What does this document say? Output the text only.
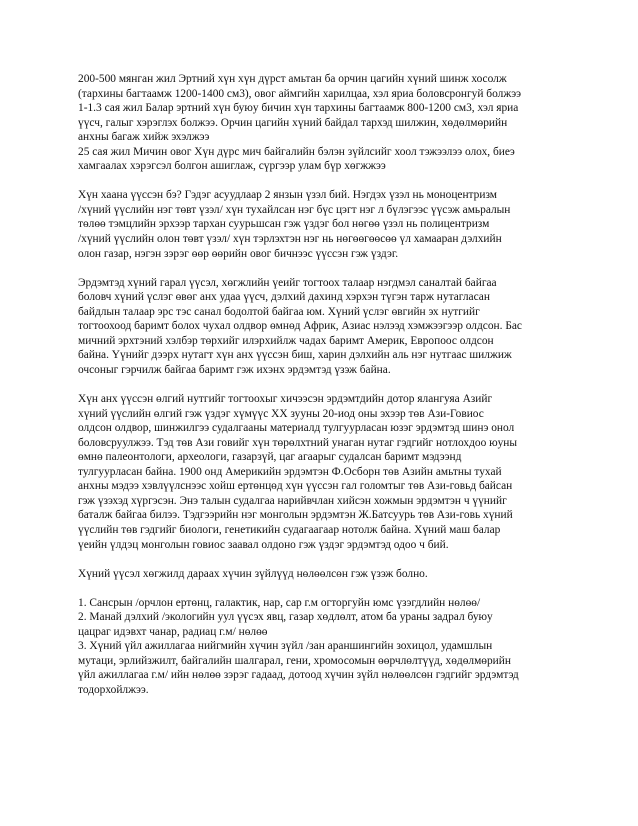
200-500 мянган жил Эртний хүн хүн дүрст амьтан ба орчин цагийн хүний шинж хосолж
(тархины багтаамж 1200-1400 см3), овог аймгийн харилцаа, хэл яриа боловсронгуй болжээ
1-1.3 сая жил Балар эртний хүн буюу бичин хүн тархины багтаамж 800-1200 см3, хэл яриа
үүсч, галыг хэрэглэх болжээ. Орчин цагийн хүний байдал тархэд шилжин, хөдөлмөрийн
анхны багаж хийж эхэлжээ

25 сая жил Мичин овог Хүн дүрс мич байгалийн бэлэн зүйлсийг хоол тэжээлээ олох, биеэ
хамгаалах хэрэгсэл болгон ашиглаж, сүргээр улам бүр хөгжжээ

Хүн хаана үүссэн бэ? Гэдэг асуудлаар 2 янзын үзэл бий. Нэгдэх үзэл нь моноцентризм
/хүний үүслийн нэг төвт үзэл/ хүн тухайлсан нэг бүс цэгт нэг л бүлэгээс үүсэж амьралын
төлөө тэмцлийн эрхээр тархан суурьшсан гэж үздэг бол нөгөө үзэл нь полицентризм
/хүний үүслийн олон төвт үзэл/ хүн тэрлэхтэн нэг нь нөгөөгөөсөө үл хамааран дэлхийн
олон газар, нэгэн зэрэг өөр өөрийн овог бичнээс үүссэн гэж үздэг.

Эрдэмтэд хүний гарал үүсэл, хөгжлийн үеийг тогтоох талаар нэгдмэл саналтай байгаа
боловч хүний үслэг өвөг анх удаа үүсч, дэлхий дахинд хэрхэн түгэн тарж нутагласан
байдлын талаар эрс тэс санал бодолтой байгаа юм. Хүний үслэг өвгийн эх нутгийг
тогтоохоод баримт болох чухал олдвор өмнөд Африк, Азиас нэлээд хэмжээгээр олдсон. Бас
мичний эрхтэний хэлбэр төрхийг илэрхийлж чадах баримт Америк, Европоос олдсон
байна. Үүнийг дээрх нутагт хүн анх үүссэн биш, харин дэлхийн аль нэг нутгаас шилжиж
очсоныг гэрчилж байгаа баримт гэж ихэнх эрдэмтэд үзэж байна.

Хүн анх үүссэн өлгий нутгийг тогтоохыг хичээсэн эрдэмтдийн дотор ялангуяа Азийг
хүний үүслийн өлгий гэж үздэг хүмүүс XX зууны 20-иод оны эхээр төв Ази-Говиос
олдсон олдвор, шинжилгээ судалгааны материалд тулгуурласан юзэг эрдэмтэд шинэ онол
боловсруулжээ. Тэд төв Ази говийг хүн төрөлхтний унаган нутаг гэдгийг нотлохдоо юуны
өмнө палеонтологи, археологи, газарзүй, цаг агаарыг судалсан баримт мэдээнд
тулгуурласан байна. 1900 онд Америкийн эрдэмтэн Ф.Осборн төв Азийн амьтны тухай
анхны мэдээ хэвлүүлснээс хойш ертөнцөд хүн үүссэн гал голомтыг төв Ази-говьд байсан
гэж үзэхэд хүргэсэн. Энэ талын судалгаа нарийвчлан хийсэн хожмын эрдэмтэн ч үүнийг
баталж байгаа билээ. Тэдгээрийн нэг монголын эрдэмтэн Ж.Батсуурь төв Ази-говь хүний
үүслийн төв гэдгийг биологи, генетикийн судагаагаар нотолж байна. Хүний маш балар
үеийн үлдэц монголын говиос заавал олдоно гэж үздэг эрдэмтэд одоо ч бий.

Хүний үүсэл хөгжилд дараах хүчин зүйлүүд нөлөөлсөн гэж үзэж болно.

1. Сансрын /орчлон ертөнц, галактик, нар, сар г.м огторгуйн юмс үзэгдлийн нөлөө/
2. Манай дэлхий /экологийн уул үүсэх явц, газар хөдлөлт, атом ба ураны задрал буюу
цацраг идэвхт чанар, радиац г.м/ нөлөө
3. Хүний үйл ажиллагаа нийгмийн хүчин зүйл /зан араншингийн зохицол, удамшлын
мутаци, эрлийзжилт, байгалийн шалгарал, гени, хромосомын өөрчлөлтүүд, хөдөлмөрийн
үйл ажиллагаа г.м/ ийн нөлөө зэрэг гадаад, дотоод хүчин зүйл нөлөөлсөн гэдгийг эрдэмтэд
тодорхойлжээ.
